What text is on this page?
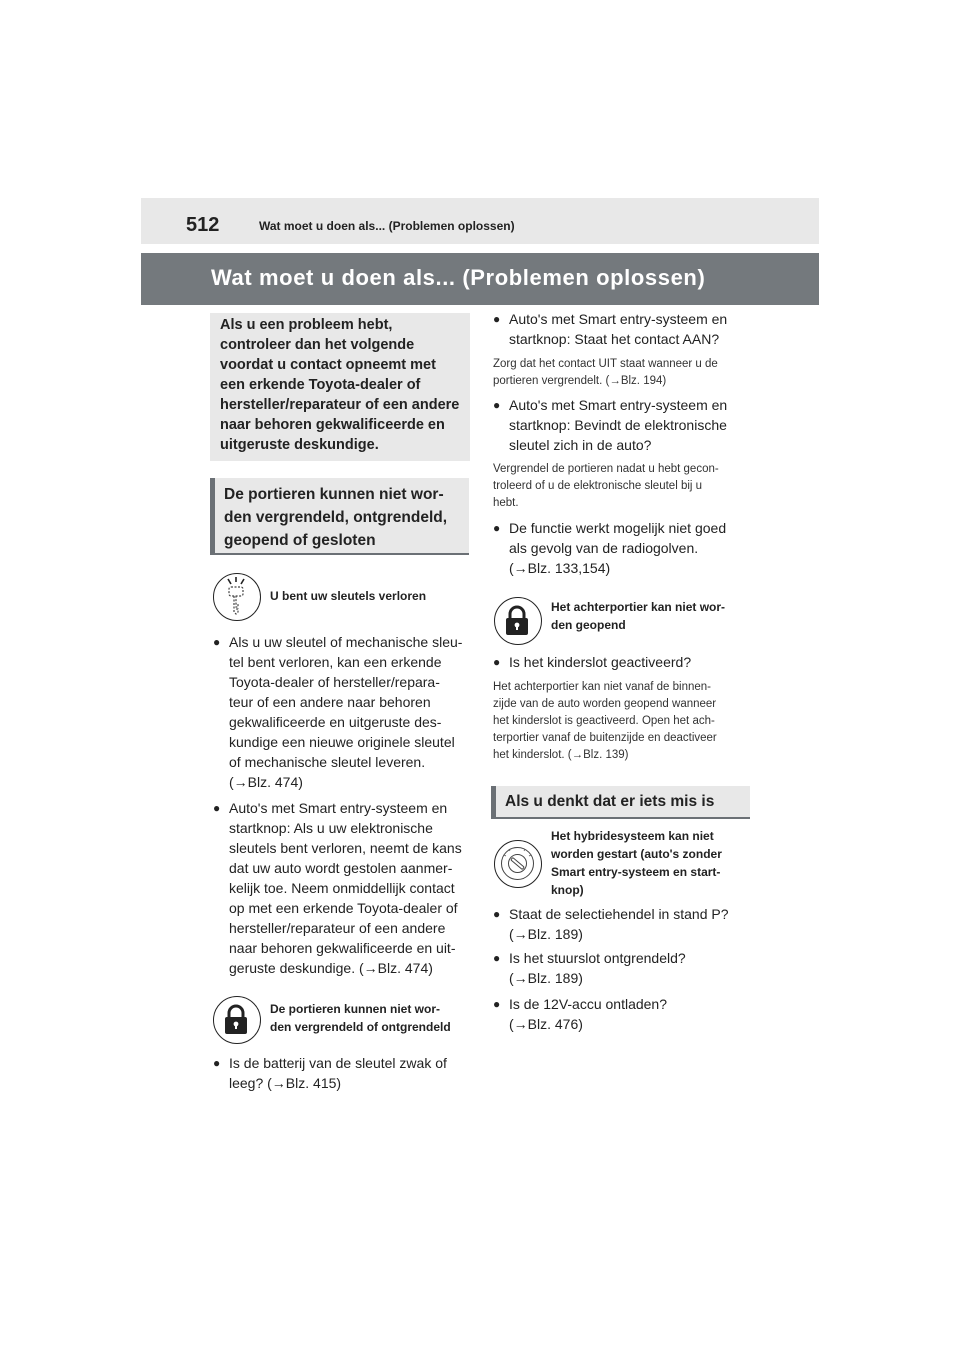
512	Wat moet u doen als... (Problemen oplossen)
Wat moet u doen als... (Problemen oplossen)
Als u een probleem hebt, controleer dan het volgende voordat u contact opneemt met een erkende Toyota-dealer of hersteller/reparateur of een andere naar behoren gekwalificeerde en uitgeruste deskundige.
De portieren kunnen niet wor-
den vergrendeld, ontgrendeld,
geopend of gesloten
U bent uw sleutels verloren
● Als u uw sleutel of mechanische sleu-
tel bent verloren, kan een erkende
Toyota-dealer of hersteller/repara-
teur of een andere naar behoren
gekwalificeerde en uitgeruste des-
kundige een nieuwe originele sleutel
of mechanische sleutel leveren.
(→Blz. 474)
● Auto's met Smart entry-systeem en
startknop: Als u uw elektronische
sleutels bent verloren, neemt de kans
dat uw auto wordt gestolen aanmer-
kelijk toe. Neem onmiddellijk contact
op met een erkende Toyota-dealer of
hersteller/reparateur of een andere
naar behoren gekwalificeerde en uit-
geruste deskundige. (→Blz. 474)
De portieren kunnen niet wor-
den vergrendeld of ontgrendeld
● Is de batterij van de sleutel zwak of
leeg? (→Blz. 415)
● Auto's met Smart entry-systeem en
startknop: Staat het contact AAN?
Zorg dat het contact UIT staat wanneer u de
portieren vergrendelt. (→Blz. 194)
● Auto's met Smart entry-systeem en
startknop: Bevindt de elektronische
sleutel zich in de auto?
Vergrendel de portieren nadat u hebt gecon-
troleerd of u de elektronische sleutel bij u
hebt.
● De functie werkt mogelijk niet goed
als gevolg van de radiogolven.
(→Blz. 133,154)
Het achterportier kan niet wor-
den geopend
● Is het kinderslot geactiveerd?
Het achterportier kan niet vanaf de binnen-
zijde van de auto worden geopend wanneer
het kinderslot is geactiveerd. Open het ach-
terportier vanaf de buitenzijde en deactiveer
het kinderslot. (→Blz. 139)
Als u denkt dat er iets mis is
Het hybridesysteem kan niet
worden gestart (auto's zonder
Smart entry-systeem en start-
knop)
● Staat de selectiehendel in stand P?
(→Blz. 189)
● Is het stuurslot ontgrendeld?
(→Blz. 189)
● Is de 12V-accu ontladen?
(→Blz. 476)
